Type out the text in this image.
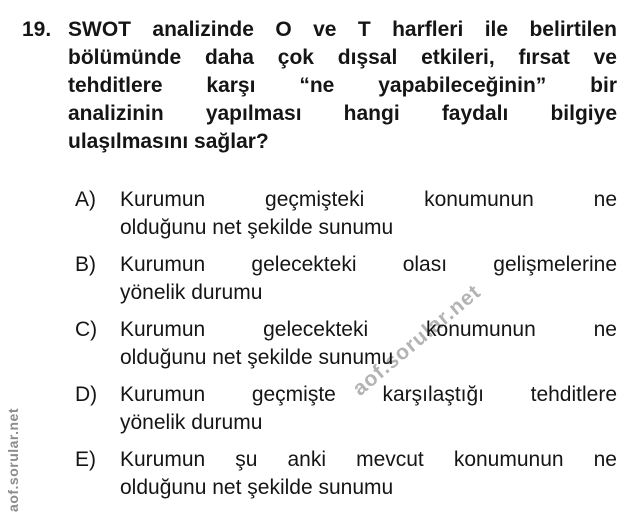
19. SWOT analizinde O ve T harfleri ile belirtilen
bölümünde daha çok dışsal etkileri, fırsat ve
tehditlere karşı “ne yapabileceğinin” bir
analizinin yapılması hangi faydalı bilgiye
ulaşılmasını sağlar?
A)	Kurumun geçmişteki konumunun ne
olduğunu net şekilde sunumu
B)	Kurumun gelecekteki olası gelişmelerine
yönelik durumu
C)	Kurumun gelecekteki konumunun ne
olduğunu net şekilde sunumu
D)	Kurumun geçmişte karşılaştığı tehditlere
yönelik durumu
E)	Kurumun şu anki mevcut konumunun ne
olduğunu net şekilde sunumu
aof.sorular.net
aof.sorular.net
